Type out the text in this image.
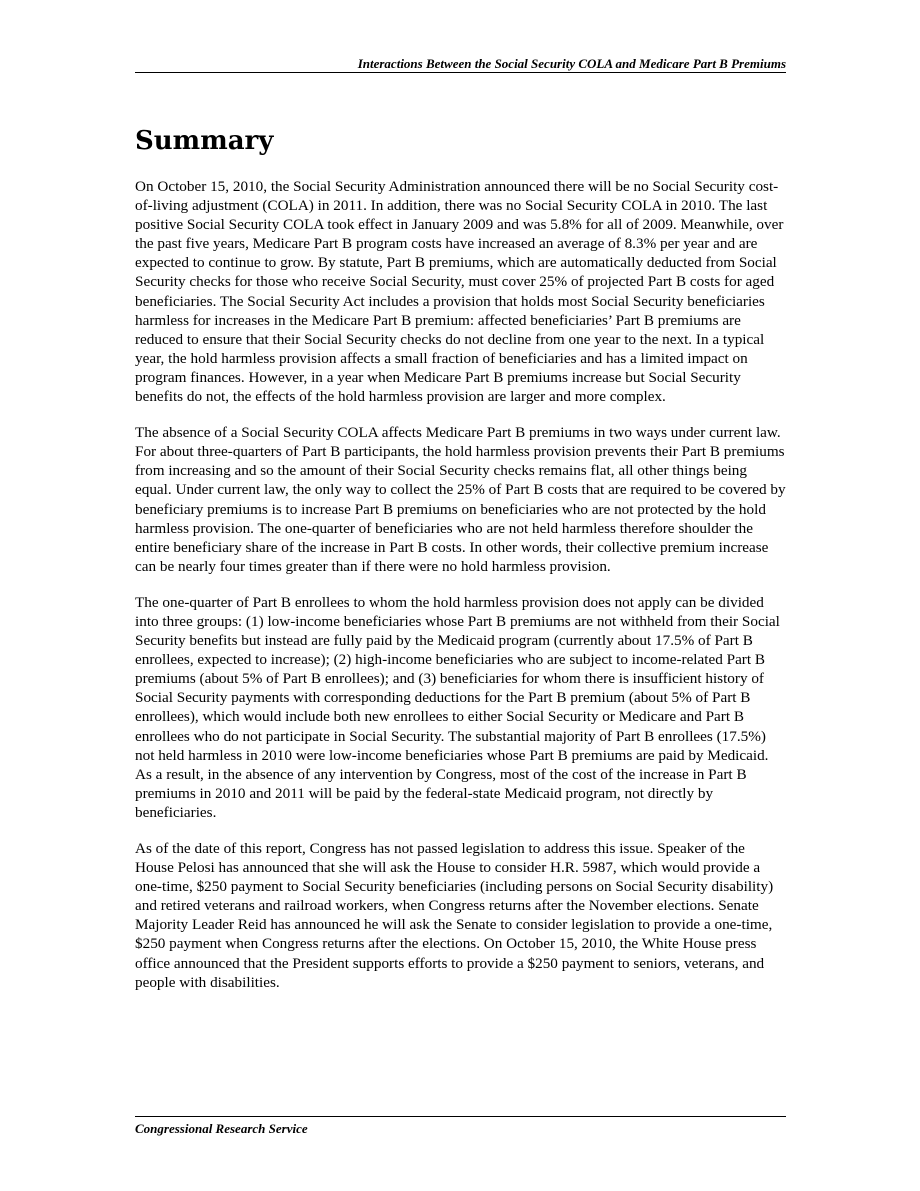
Interactions Between the Social Security COLA and Medicare Part B Premiums
Summary

On October 15, 2010, the Social Security Administration announced there will be no Social Security cost-of-living adjustment (COLA) in 2011. In addition, there was no Social Security COLA in 2010. The last positive Social Security COLA took effect in January 2009 and was 5.8% for all of 2009. Meanwhile, over the past five years, Medicare Part B program costs have increased an average of 8.3% per year and are expected to continue to grow. By statute, Part B premiums, which are automatically deducted from Social Security checks for those who receive Social Security, must cover 25% of projected Part B costs for aged beneficiaries. The Social Security Act includes a provision that holds most Social Security beneficiaries harmless for increases in the Medicare Part B premium: affected beneficiaries’ Part B premiums are reduced to ensure that their Social Security checks do not decline from one year to the next. In a typical year, the hold harmless provision affects a small fraction of beneficiaries and has a limited impact on program finances. However, in a year when Medicare Part B premiums increase but Social Security benefits do not, the effects of the hold harmless provision are larger and more complex.

The absence of a Social Security COLA affects Medicare Part B premiums in two ways under current law. For about three-quarters of Part B participants, the hold harmless provision prevents their Part B premiums from increasing and so the amount of their Social Security checks remains flat, all other things being equal. Under current law, the only way to collect the 25% of Part B costs that are required to be covered by beneficiary premiums is to increase Part B premiums on beneficiaries who are not protected by the hold harmless provision. The one-quarter of beneficiaries who are not held harmless therefore shoulder the entire beneficiary share of the increase in Part B costs. In other words, their collective premium increase can be nearly four times greater than if there were no hold harmless provision.

The one-quarter of Part B enrollees to whom the hold harmless provision does not apply can be divided into three groups: (1) low-income beneficiaries whose Part B premiums are not withheld from their Social Security benefits but instead are fully paid by the Medicaid program (currently about 17.5% of Part B enrollees, expected to increase); (2) high-income beneficiaries who are subject to income-related Part B premiums (about 5% of Part B enrollees); and (3) beneficiaries for whom there is insufficient history of Social Security payments with corresponding deductions for the Part B premium (about 5% of Part B enrollees), which would include both new enrollees to either Social Security or Medicare and Part B enrollees who do not participate in Social Security. The substantial majority of Part B enrollees (17.5%) not held harmless in 2010 were low-income beneficiaries whose Part B premiums are paid by Medicaid. As a result, in the absence of any intervention by Congress, most of the cost of the increase in Part B premiums in 2010 and 2011 will be paid by the federal-state Medicaid program, not directly by beneficiaries.

As of the date of this report, Congress has not passed legislation to address this issue. Speaker of the House Pelosi has announced that she will ask the House to consider H.R. 5987, which would provide a one-time, $250 payment to Social Security beneficiaries (including persons on Social Security disability) and retired veterans and railroad workers, when Congress returns after the November elections. Senate Majority Leader Reid has announced he will ask the Senate to consider legislation to provide a one-time, $250 payment when Congress returns after the elections. On October 15, 2010, the White House press office announced that the President supports efforts to provide a $250 payment to seniors, veterans, and people with disabilities.

Congressional Research Service
